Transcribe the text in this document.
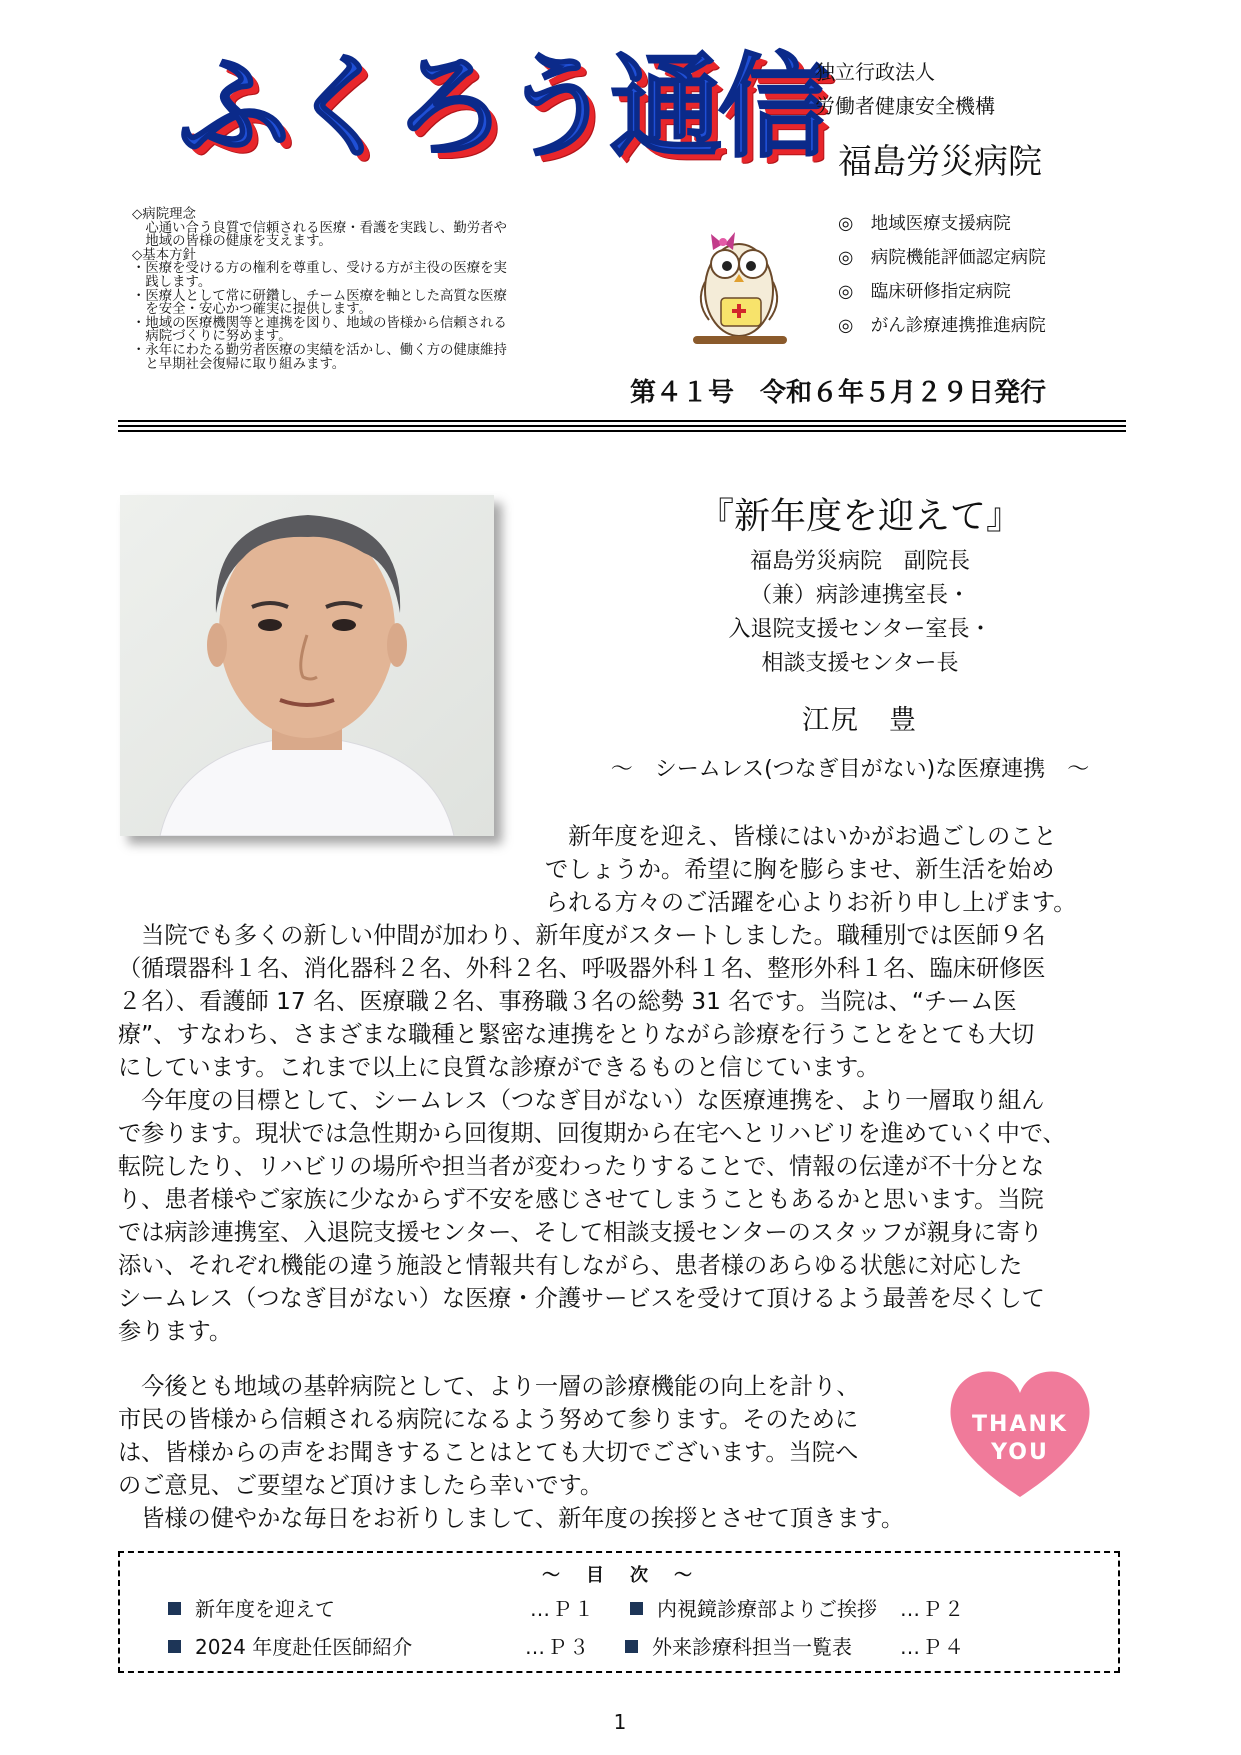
ふくろう通信
独立行政法人
労働者健康安全機構
福島労災病院
◇病院理念
　心通い合う良質で信頼される医療・看護を実践し、勤労者や
　地域の皆様の健康を支えます。
◇基本方針
・医療を受ける方の権利を尊重し、受ける方が主役の医療を実
　践します。
・医療人として常に研鑽し、チーム医療を軸とした高質な医療
　を安全・安心かつ確実に提供します。
・地域の医療機関等と連携を図り、地域の皆様から信頼される
　病院づくりに努めます。
・永年にわたる勤労者医療の実績を活かし、働く方の健康維持
　と早期社会復帰に取り組みます。
◎　地域医療支援病院
◎　病院機能評価認定病院
◎　臨床研修指定病院
◎　がん診療連携推進病院
第４１号　令和６年５月２９日発行
『新年度を迎えて』
福島労災病院　副院長
（兼）病診連携室長・
入退院支援センター室長・
相談支援センター長
江尻　豊
～　シームレス(つなぎ目がない)な医療連携　～
　新年度を迎え、皆様にはいかがお過ごしのこと
でしょうか。希望に胸を膨らませ、新生活を始め
られる方々のご活躍を心よりお祈り申し上げます。
　当院でも多くの新しい仲間が加わり、新年度がスタートしました。職種別では医師９名
（循環器科１名、消化器科２名、外科２名、呼吸器外科１名、整形外科１名、臨床研修医
２名）、看護師 17 名、医療職２名、事務職３名の総勢 31 名です。当院は、“チーム医
療”、すなわち、さまざまな職種と緊密な連携をとりながら診療を行うことをとても大切
にしています。これまで以上に良質な診療ができるものと信じています。
　今年度の目標として、シームレス（つなぎ目がない）な医療連携を、より一層取り組ん
で参ります。現状では急性期から回復期、回復期から在宅へとリハビリを進めていく中で、
転院したり、リハビリの場所や担当者が変わったりすることで、情報の伝達が不十分とな
り、患者様やご家族に少なからず不安を感じさせてしまうこともあるかと思います。当院
では病診連携室、入退院支援センター、そして相談支援センターのスタッフが親身に寄り
添い、それぞれ機能の違う施設と情報共有しながら、患者様のあらゆる状態に対応した
シームレス（つなぎ目がない）な医療・介護サービスを受けて頂けるよう最善を尽くして
参ります。
　今後とも地域の基幹病院として、より一層の診療機能の向上を計り、
市民の皆様から信頼される病院になるよう努めて参ります。そのために
は、皆様からの声をお聞きすることはとても大切でございます。当院へ
のご意見、ご要望など頂けましたら幸いです。
　皆様の健やかな毎日をお祈りしまして、新年度の挨拶とさせて頂きます。
THANK
YOU
～　目　次　～
新年度を迎えて	…Ｐ１	内視鏡診療部よりご挨拶 …Ｐ２
2024 年度赴任医師紹介	…Ｐ３	外来診療科担当一覧表 …Ｐ４
1
